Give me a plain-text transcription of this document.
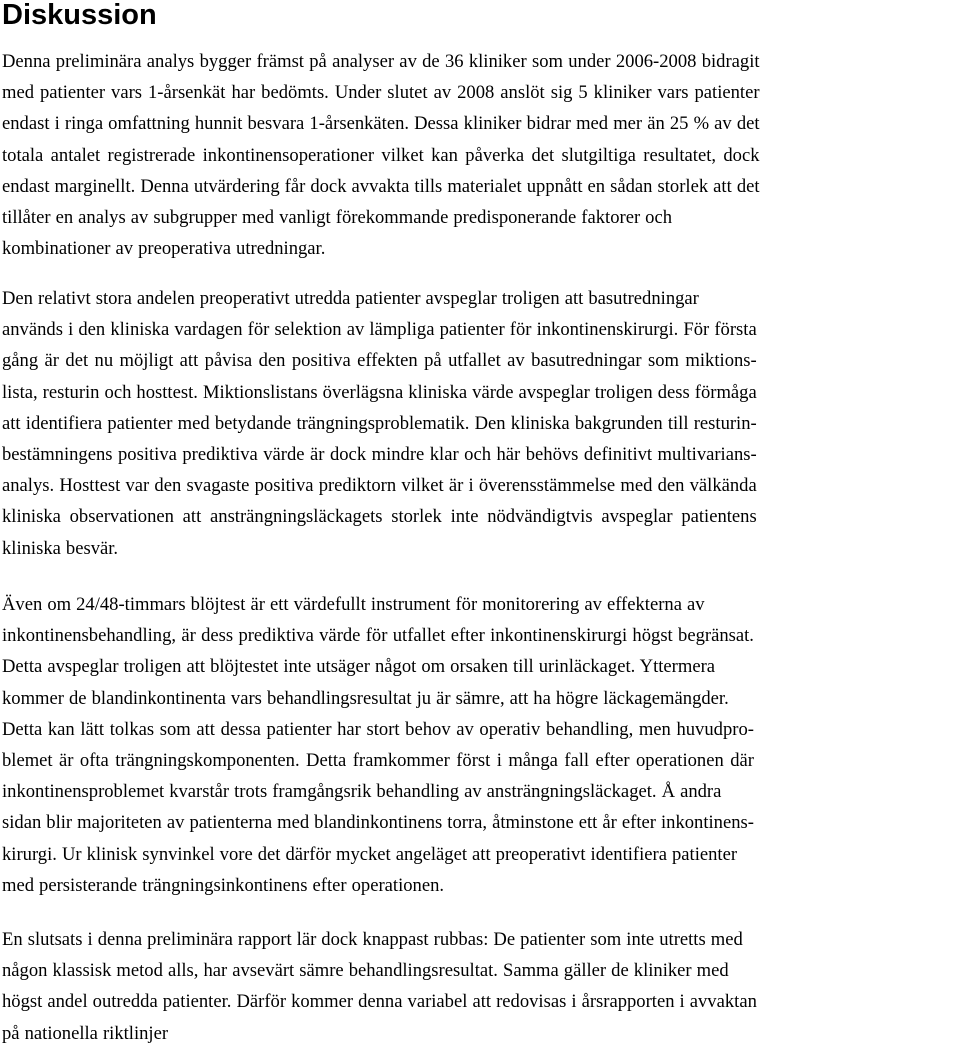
Diskussion

Denna preliminära analys bygger främst på analyser av de 36 kliniker som under 2006-2008 bidragit
med patienter vars 1-årsenkät har bedömts. Under slutet av 2008 anslöt sig 5 kliniker vars patienter
endast i ringa omfattning hunnit besvara 1-årsenkäten. Dessa kliniker bidrar med mer än 25 % av det
totala antalet registrerade inkontinensoperationer vilket kan påverka det slutgiltiga resultatet, dock
endast marginellt. Denna utvärdering får dock avvakta tills materialet uppnått en sådan storlek att det
tillåter en analys av subgrupper med vanligt förekommande predisponerande faktorer och
kombinationer av preoperativa utredningar.

Den relativt stora andelen preoperativt utredda patienter avspeglar troligen att basutredningar
används i den kliniska vardagen för selektion av lämpliga patienter för inkontinenskirurgi. För första
gång är det nu möjligt att påvisa den positiva effekten på utfallet av basutredningar som miktions-
lista, resturin och hosttest. Miktionslistans överlägsna kliniska värde avspeglar troligen dess förmåga
att identifiera patienter med betydande trängningsproblematik. Den kliniska bakgrunden till resturin-
bestämningens positiva prediktiva värde är dock mindre klar och här behövs definitivt multivarians-
analys. Hosttest var den svagaste positiva prediktorn vilket är i överensstämmelse med den välkända
kliniska observationen att ansträngningsläckagets storlek inte nödvändigtvis avspeglar patientens
kliniska besvär.

Även om 24/48-timmars blöjtest är ett värdefullt instrument för monitorering av effekterna av
inkontinensbehandling, är dess prediktiva värde för utfallet efter inkontinenskirurgi högst begränsat.
Detta avspeglar troligen att blöjtestet inte utsäger något om orsaken till urinläckaget. Yttermera
kommer de blandinkontinenta vars behandlingsresultat ju är sämre, att ha högre läckagemängder.
Detta kan lätt tolkas som att dessa patienter har stort behov av operativ behandling, men huvudpro-
blemet är ofta trängningskomponenten. Detta framkommer först i många fall efter operationen där
inkontinensproblemet kvarstår trots framgångsrik behandling av ansträngningsläckaget. Å andra
sidan blir majoriteten av patienterna med blandinkontinens torra, åtminstone ett år efter inkontinens-
kirurgi. Ur klinisk synvinkel vore det därför mycket angeläget att preoperativt identifiera patienter
med persisterande trängningsinkontinens efter operationen.

En slutsats i denna preliminära rapport lär dock knappast rubbas: De patienter som inte utretts med
någon klassisk metod alls, har avsevärt sämre behandlingsresultat. Samma gäller de kliniker med
högst andel outredda patienter. Därför kommer denna variabel att redovisas i årsrapporten i avvaktan
på nationella riktlinjer
